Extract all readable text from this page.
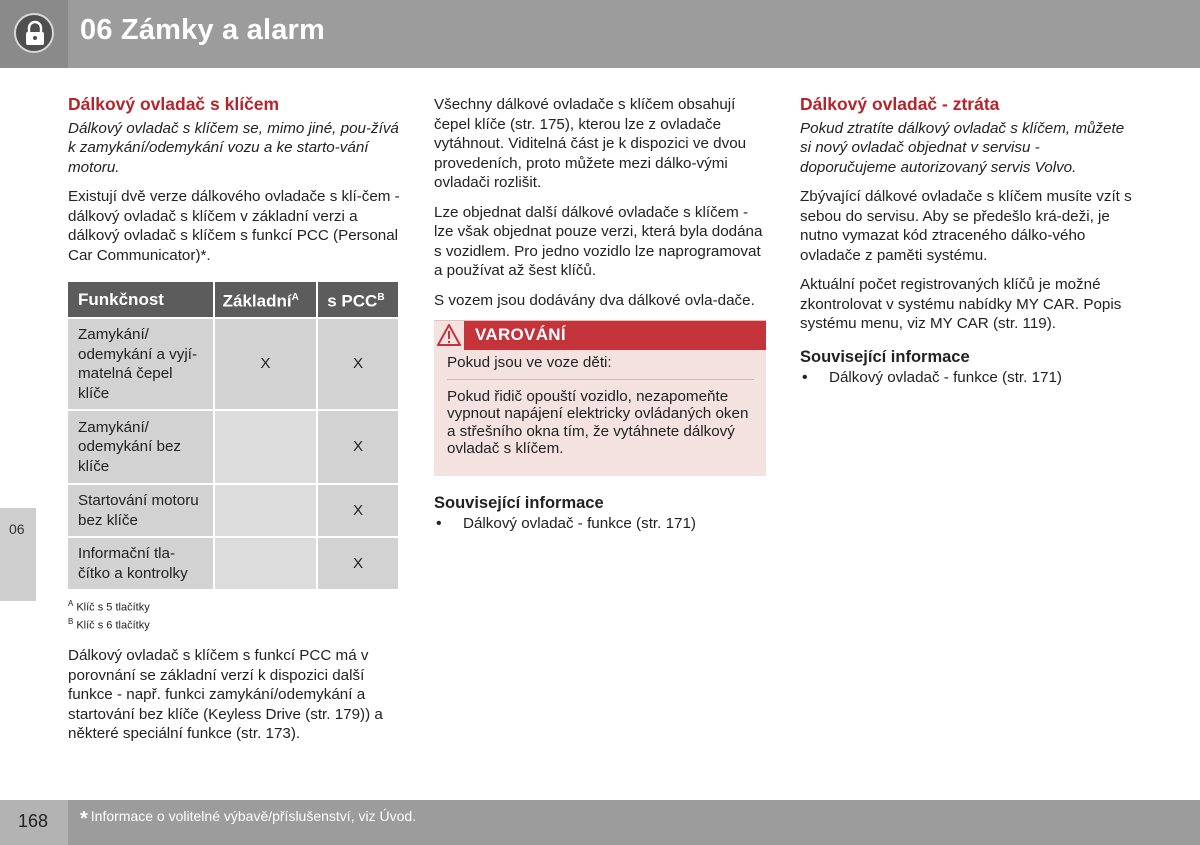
06 Zámky a alarm
06
Dálkový ovladač s klíčem

Dálkový ovladač s klíčem se, mimo jiné, pou-žívá k zamykání/odemykání vozu a ke starto-vání motoru.

Existují dvě verze dálkového ovladače s klí-čem - dálkový ovladač s klíčem v základní verzi a dálkový ovladač s klíčem s funkcí PCC (Personal Car Communicator)*.

Funkčnost	Základní$^A$	s $PCC^B$
Zamykání/ odemykání a vyjí-matelná čepel klíče	X	X
Zamykání/ odemykání bez klíče		X
Startování motoru bez klíče		X
Informační tla-čítko a kontrolky		X
$^A$ Klíč s 5 tlačítky
$^B$ Klíč s 6 tlačítky

Dálkový ovladač s klíčem s funkcí PCC má v porovnání se základní verzí k dispozici další funkce - např. funkci zamykání/odemykání a startování bez klíče (Keyless Drive (str. 179)) a některé speciální funkce (str. 173).

Všechny dálkové ovladače s klíčem obsahují čepel klíče (str. 175), kterou lze z ovladače vytáhnout. Viditelná část je k dispozici ve dvou provedeních, proto můžete mezi dálko-vými ovladači rozlišit.

Lze objednat další dálkové ovladače s klíčem - lze však objednat pouze verzi, která byla dodána s vozidlem. Pro jedno vozidlo lze naprogramovat a používat až šest klíčů.

S vozem jsou dodávány dva dálkové ovla-dače.

VAROVÁNÍ

Pokud jsou ve voze děti:

Pokud řidič opouští vozidlo, nezapomeňte vypnout napájení elektricky ovládaných oken a střešního okna tím, že vytáhnete dálkový ovladač s klíčem.

Související informace
• Dálkový ovladač - funkce (str. 171)
Dálkový ovladač - ztráta

Pokud ztratíte dálkový ovladač s klíčem, můžete si nový ovladač objednat v servisu - doporučujeme autorizovaný servis Volvo.

Zbývající dálkové ovladače s klíčem musíte vzít s sebou do servisu. Aby se předešlo krá-deži, je nutno vymazat kód ztraceného dálko-vého ovladače z paměti systému.

Aktuální počet registrovaných klíčů je možné zkontrolovat v systému nabídky MY CAR. Popis systému menu, viz MY CAR (str. 119).

Související informace
• Dálkový ovladač - funkce (str. 171)
168 * Informace o volitelné výbavě/příslušenství, viz Úvod.
